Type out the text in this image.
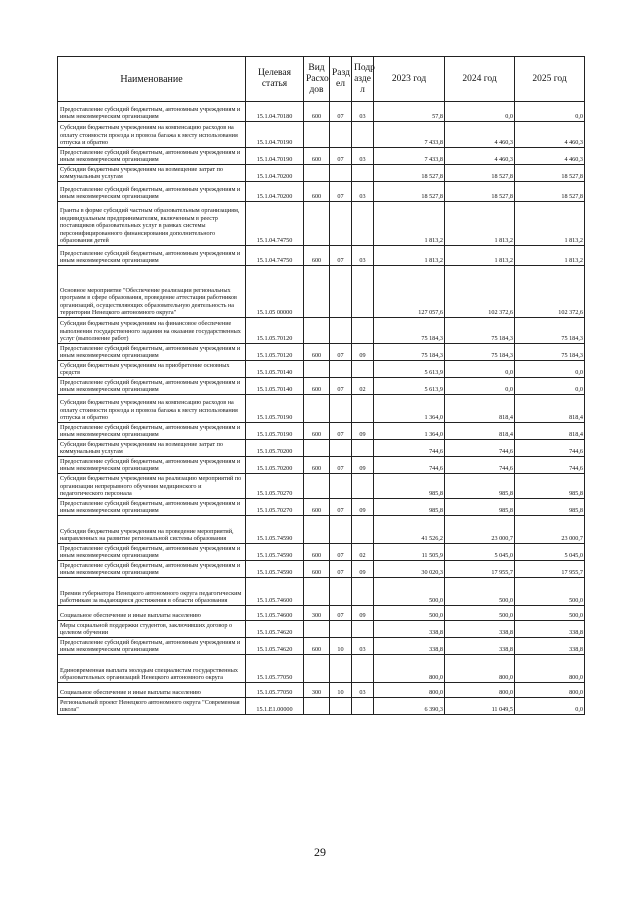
Наименование	Целевая статья	Вид Расхо дов	Разд ел	Подр азде л	2023 год	2024 год	2025 год
Предоставление субсидий бюджетным, автономным учреждениям и иным некоммерческим организациям	15.1.04.70180	600	07	03	57,8	0,0	0,0
Субсидии бюджетным учреждениям на компенсацию расходов на оплату стоимости проезда и провоза багажа к месту использования отпуска и обратно	15.1.04.70190				7 433,8	4 460,3	4 460,3
Предоставление субсидий бюджетным, автономным учреждениям и иным некоммерческим организациям	15.1.04.70190	600	07	03	7 433,8	4 460,3	4 460,3
Субсидии бюджетным учреждениям на возмещение затрат по коммунальным услугам	15.1.04.70200				18 527,8	18 527,8	18 527,8
Предоставление субсидий бюджетным, автономным учреждениям и иным некоммерческим организациям	15.1.04.70200	600	07	03	18 527,8	18 527,8	18 527,8
Гранты в форме субсидий частным образовательным организациям, индивидуальным предпринимателям, включенным в реестр поставщиков образовательных услуг в рамках системы персонифицированного финансирования дополнительного образования детей	15.1.04.74750				1 813,2	1 813,2	1 813,2
Предоставление субсидий бюджетным, автономным учреждениям и иным некоммерческим организациям	15.1.04.74750	600	07	03	1 813,2	1 813,2	1 813,2
Основное мероприятие "Обеспечение реализации региональных программ в сфере образования, проведение аттестации работников организаций, осуществляющих образовательную деятельность на территории Ненецкого автономного округа"	15.1.05 00000				127 057,6	102 372,6	102 372,6
Субсидии бюджетным учреждениям на финансовое обеспечение выполнения государственного задания на оказание государственных услуг (выполнение работ)	15.1.05.70120				75 184,3	75 184,3	75 184,3
Предоставление субсидий бюджетным, автономным учреждениям и иным некоммерческим организациям	15.1.05.70120	600	07	09	75 184,3	75 184,3	75 184,3
Субсидии бюджетным учреждениям на приобретение основных средств	15.1.05.70140				5 613,9	0,0	0,0
Предоставление субсидий бюджетным, автономным учреждениям и иным некоммерческим организациям	15.1.05.70140	600	07	02	5 613,9	0,0	0,0
Субсидии бюджетным учреждениям на компенсацию расходов на оплату стоимости проезда и провоза багажа к месту использования отпуска и обратно	15.1.05.70190				1 364,0	818,4	818,4
Предоставление субсидий бюджетным, автономным учреждениям и иным некоммерческим организациям	15.1.05.70190	600	07	09	1 364,0	818,4	818,4
Субсидии бюджетным учреждениям на возмещение затрат по коммунальным услугам	15.1.05.70200				744,6	744,6	744,6
Предоставление субсидий бюджетным, автономным учреждениям и иным некоммерческим организациям	15.1.05.70200	600	07	09	744,6	744,6	744,6
Субсидии бюджетным учреждениям на реализацию мероприятий по организации непрерывного обучения медицинского и педагогического персонала	15.1.05.70270				985,8	985,8	985,8
Предоставление субсидий бюджетным, автономным учреждениям и иным некоммерческим организациям	15.1.05.70270	600	07	09	985,8	985,8	985,8
Субсидии бюджетным учреждениям на проведение мероприятий, направленных на развитие региональной системы образования	15.1.05.74590				41 526,2	23 000,7	23 000,7
Предоставление субсидий бюджетным, автономным учреждениям и иным некоммерческим организациям	15.1.05.74590	600	07	02	11 505,9	5 045,0	5 045,0
Предоставление субсидий бюджетным, автономным учреждениям и иным некоммерческим организациям	15.1.05.74590	600	07	09	30 020,3	17 955,7	17 955,7
Премии губернатора Ненецкого автономного округа педагогическим работникам за выдающиеся достижения в области образования	15.1.05.74600				500,0	500,0	500,0
Социальное обеспечение и иные выплаты населению	15.1.05.74600	300	07	09	500,0	500,0	500,0
Меры социальной поддержки студентов, заключивших договор о целевом обучении	15.1.05.74620				338,8	338,8	338,8
Предоставление субсидий бюджетным, автономным учреждениям и иным некоммерческим организациям	15.1.05.74620	600	10	03	338,8	338,8	338,8
Единовременная выплата молодым специалистам государственных образовательных организаций Ненецкого автономного округа	15.1.05.77050				800,0	800,0	800,0
Социальное обеспечение и иные выплаты населению	15.1.05.77050	300	10	03	800,0	800,0	800,0
Региональный проект Ненецкого автономного округа "Современная школа"	15.1.E1.00000				6 390,3	11 049,5	0,0
29
